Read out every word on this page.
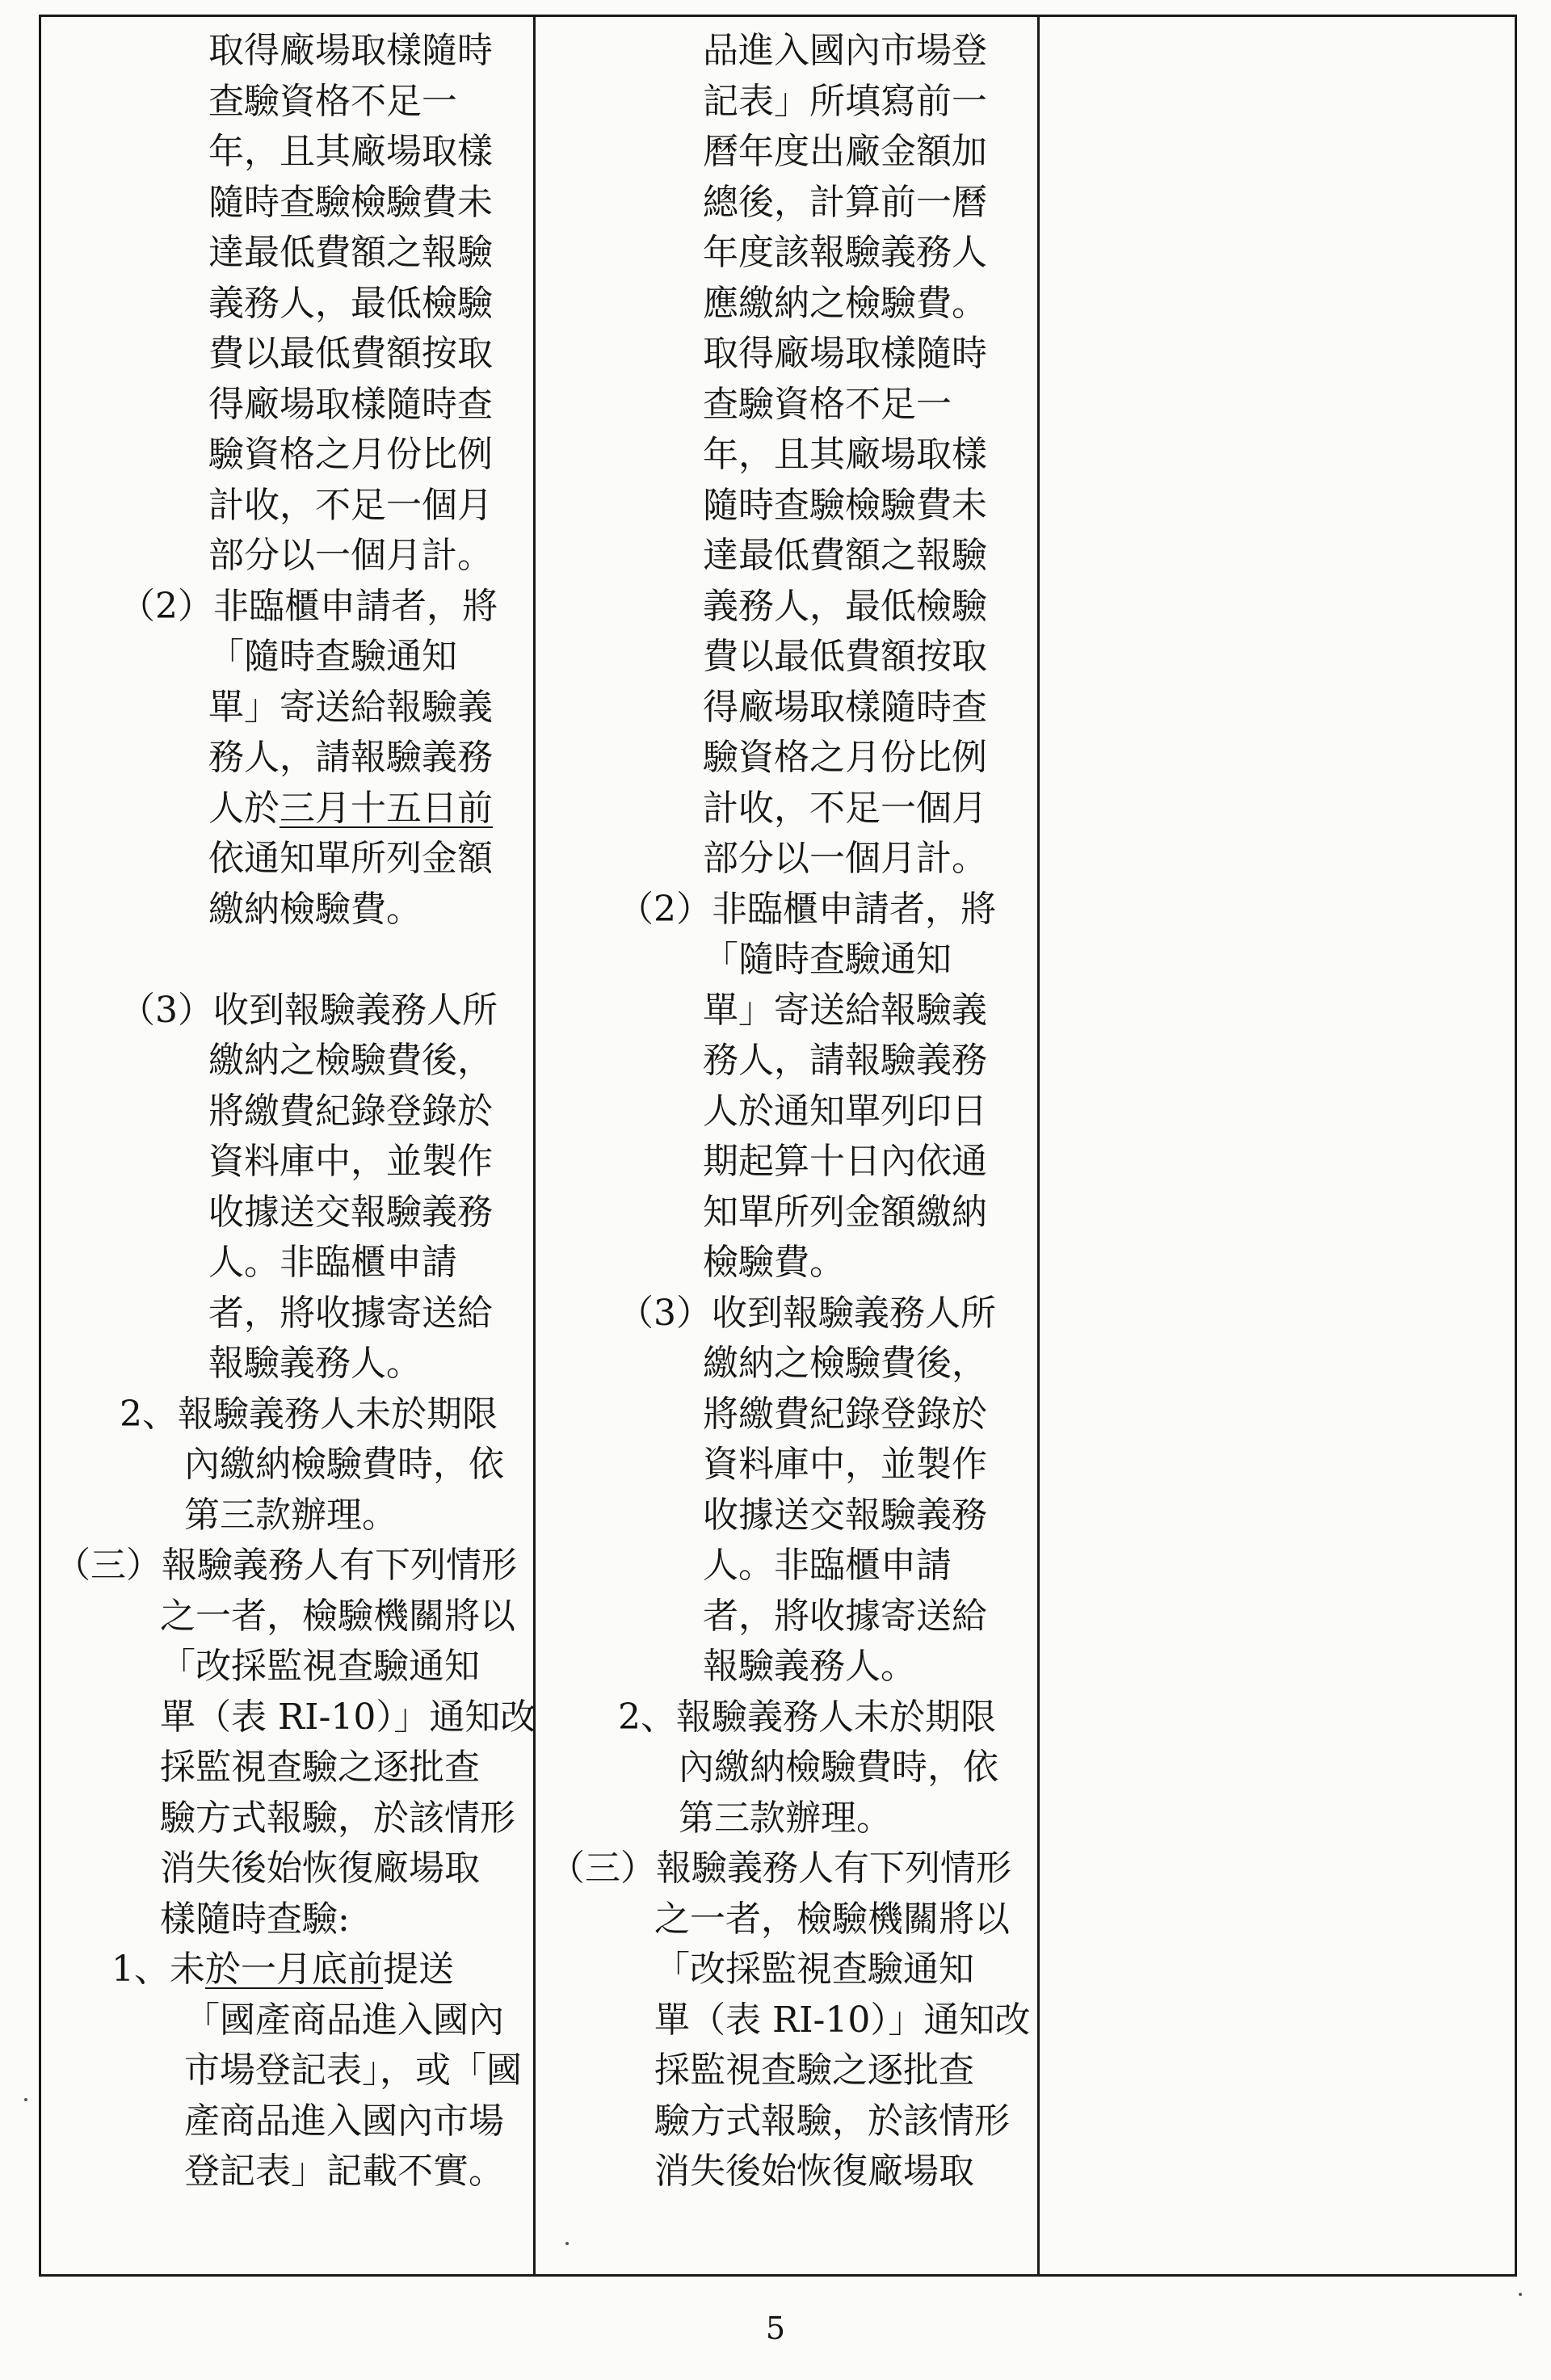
取得廠場取樣隨時
查驗資格不足一
年，且其廠場取樣
隨時查驗檢驗費未
達最低費額之報驗
義務人，最低檢驗
費以最低費額按取
得廠場取樣隨時查
驗資格之月份比例
計收，不足一個月
部分以一個月計。
（2）非臨櫃申請者，將
「隨時查驗通知
單」寄送給報驗義
務人，請報驗義務
人於三月十五日前
依通知單所列金額
繳納檢驗費。
（3）收到報驗義務人所
繳納之檢驗費後，
將繳費紀錄登錄於
資料庫中，並製作
收據送交報驗義務
人。非臨櫃申請
者，將收據寄送給
報驗義務人。
2、報驗義務人未於期限
內繳納檢驗費時，依
第三款辦理。
（三）報驗義務人有下列情形
之一者，檢驗機關將以
「改採監視查驗通知
單（表 RI-10）」通知改
採監視查驗之逐批查
驗方式報驗，於該情形
消失後始恢復廠場取
樣隨時查驗:
1、未於一月底前提送
「國產商品進入國內
市場登記表」，或「國
產商品進入國內市場
登記表」記載不實。
品進入國內市場登
記表」所填寫前一
曆年度出廠金額加
總後，計算前一曆
年度該報驗義務人
應繳納之檢驗費。
取得廠場取樣隨時
查驗資格不足一
年，且其廠場取樣
隨時查驗檢驗費未
達最低費額之報驗
義務人，最低檢驗
費以最低費額按取
得廠場取樣隨時查
驗資格之月份比例
計收，不足一個月
部分以一個月計。
（2）非臨櫃申請者，將
「隨時查驗通知
單」寄送給報驗義
務人，請報驗義務
人於通知單列印日
期起算十日內依通
知單所列金額繳納
檢驗費。
（3）收到報驗義務人所
繳納之檢驗費後，
將繳費紀錄登錄於
資料庫中，並製作
收據送交報驗義務
人。非臨櫃申請
者，將收據寄送給
報驗義務人。
2、報驗義務人未於期限
內繳納檢驗費時，依
第三款辦理。
（三）報驗義務人有下列情形
之一者，檢驗機關將以
「改採監視查驗通知
單（表 RI-10）」通知改
採監視查驗之逐批查
驗方式報驗，於該情形
消失後始恢復廠場取
5
